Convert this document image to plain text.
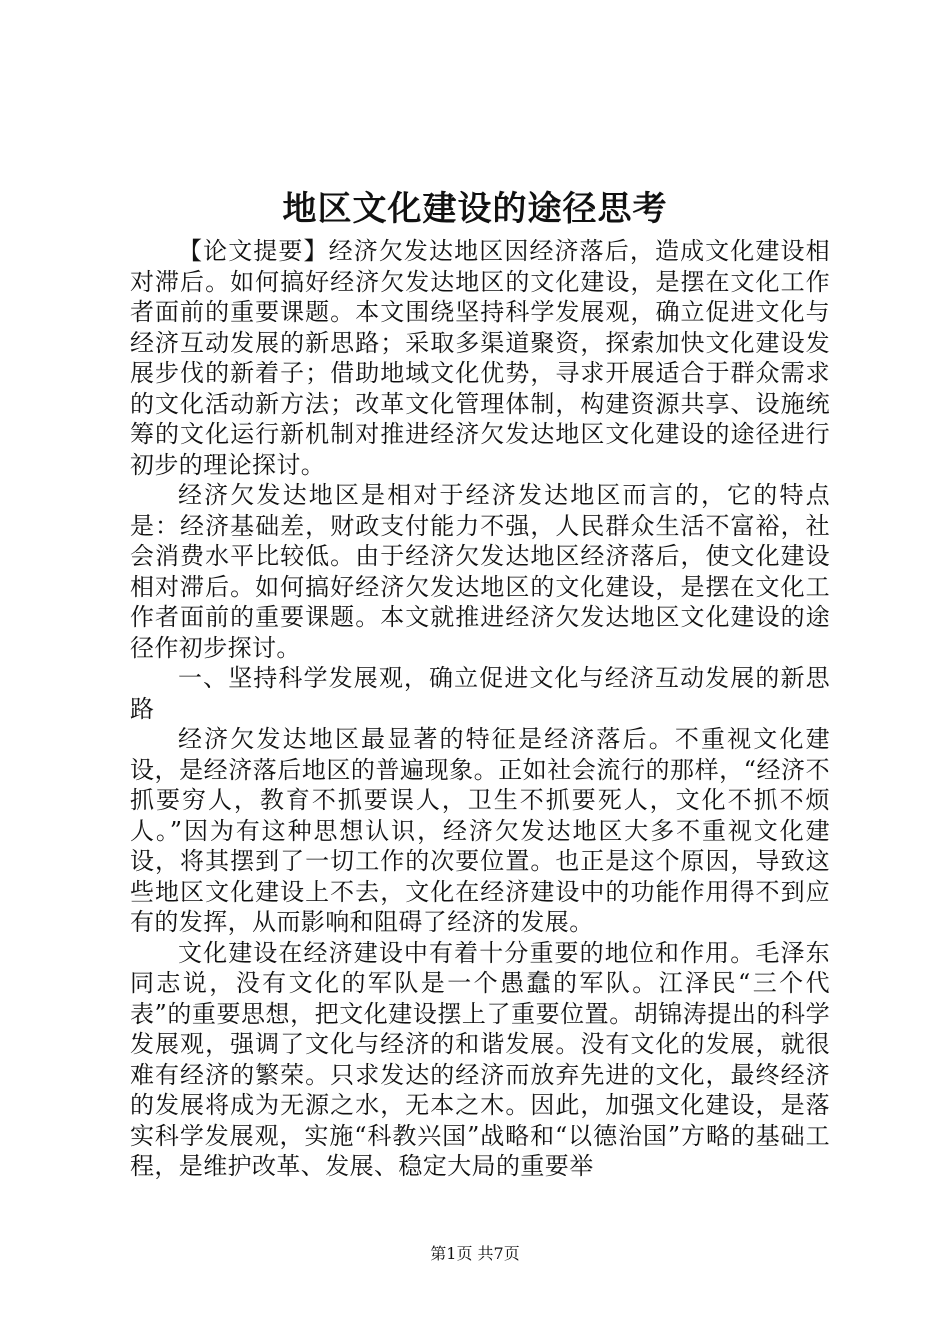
地区文化建设的途径思考

【论文提要】经济欠发达地区因经济落后，造成文化建设相对滞后。如何搞好经济欠发达地区的文化建设，是摆在文化工作者面前的重要课题。本文围绕坚持科学发展观，确立促进文化与经济互动发展的新思路；采取多渠道聚资，探索加快文化建设发展步伐的新着子；借助地域文化优势，寻求开展适合于群众需求的文化活动新方法；改革文化管理体制，构建资源共享、设施统筹的文化运行新机制对推进经济欠发达地区文化建设的途径进行初步的理论探讨。

经济欠发达地区是相对于经济发达地区而言的，它的特点是：经济基础差，财政支付能力不强，人民群众生活不富裕，社会消费水平比较低。由于经济欠发达地区经济落后，使文化建设相对滞后。如何搞好经济欠发达地区的文化建设，是摆在文化工作者面前的重要课题。本文就推进经济欠发达地区文化建设的途径作初步探讨。

一、坚持科学发展观，确立促进文化与经济互动发展的新思路

经济欠发达地区最显著的特征是经济落后。不重视文化建设，是经济落后地区的普遍现象。正如社会流行的那样，“经济不抓要穷人，教育不抓要误人，卫生不抓要死人，文化不抓不烦人。”因为有这种思想认识，经济欠发达地区大多不重视文化建设，将其摆到了一切工作的次要位置。也正是这个原因，导致这些地区文化建设上不去，文化在经济建设中的功能作用得不到应有的发挥，从而影响和阻碍了经济的发展。

文化建设在经济建设中有着十分重要的地位和作用。毛泽东同志说，没有文化的军队是一个愚蠢的军队。江泽民“三个代表”的重要思想，把文化建设摆上了重要位置。胡锦涛提出的科学发展观，强调了文化与经济的和谐发展。没有文化的发展，就很难有经济的繁荣。只求发达的经济而放弃先进的文化，最终经济的发展将成为无源之水，无本之木。因此，加强文化建设，是落实科学发展观，实施“科教兴国”战略和“以德治国”方略的基础工程，是维护改革、发展、稳定大局的重要举

第1页 共7页
